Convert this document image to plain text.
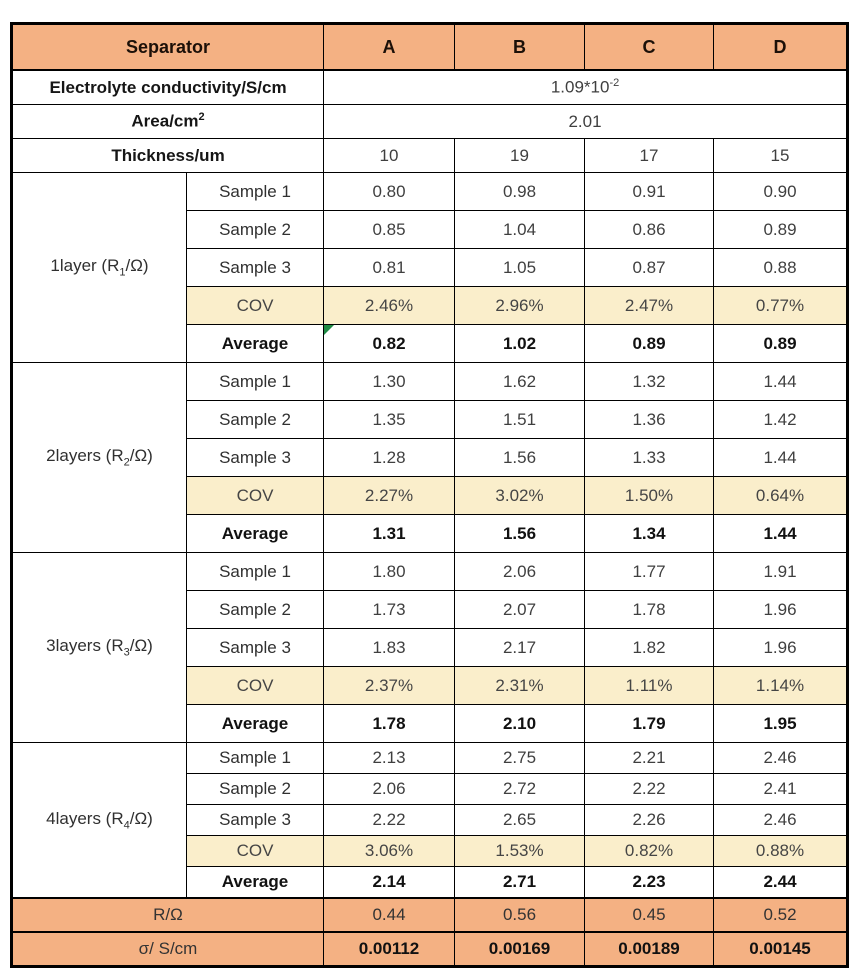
Separator		A	B	C	D
Electrolyte conductivity/S/cm		$1.09*10^{-2}$
Area/$cm^2$		2.01			
Thickness/um		10	19	17	15
1layer $(R_1/\Omega)$	Sample 1	0.80	0.98	0.91	0.90
	Sample 2	0.85	1.04	0.86	0.89
	Sample 3	0.81	1.05	0.87	0.88
	COV	2.46%	2.96%	2.47%	0.77%
	Average	0.82	1.02	0.89	0.89
2layers $(R_2/\Omega)$	Sample 1	1.30	1.62	1.32	1.44
	Sample 2	1.35	1.51	1.36	1.42
	Sample 3	1.28	1.56	1.33	1.44
	COV	2.27%	3.02%	1.50%	0.64%
	Average	1.31	1.56	1.34	1.44
3layers $(R_3/\Omega)$	Sample 1	1.80	2.06	1.77	1.91
	Sample 2	1.73	2.07	1.78	1.96
	Sample 3	1.83	2.17	1.82	1.96
	COV	2.37%	2.31%	1.11%	1.14%
	Average	1.78	2.10	1.79	1.95
4layers $(R_4/\Omega)$	Sample 1	2.13	2.75	2.21	2.46
	Sample 2	2.06	2.72	2.22	2.41
	Sample 3	2.22	2.65	2.26	2.46
	COV	3.06%	1.53%	0.82%	0.88%
	Average	2.14	2.71	2.23	2.44
R/Ω		0.44	0.56	0.45	0.52
σ/ S/cm		0.00112	0.00169	0.00189	0.00145
